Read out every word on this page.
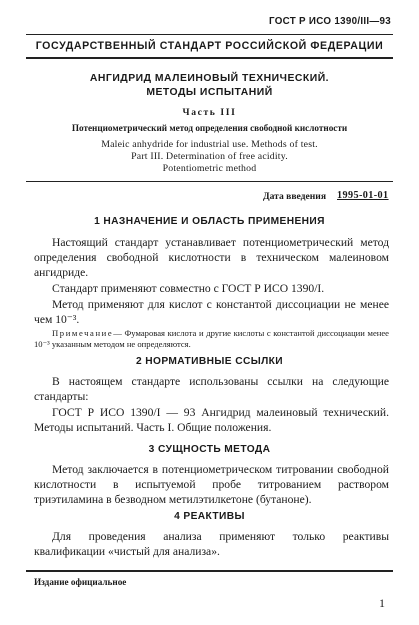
ГОСТ Р ИСО 1390/III—93
ГОСУДАРСТВЕННЫЙ СТАНДАРТ РОССИЙСКОЙ ФЕДЕРАЦИИ
АНГИДРИД МАЛЕИНОВЫЙ ТЕХНИЧЕСКИЙ.
МЕТОДЫ ИСПЫТАНИЙ
Часть III
Потенциометрический метод определения свободной кислотности
Maleic anhydride for industrial use. Methods of test.
Part III. Determination of free acidity.
Potentiometric method
Дата введения 1995-01-01
1 НАЗНАЧЕНИЕ И ОБЛАСТЬ ПРИМЕНЕНИЯ
Настоящий стандарт устанавливает потенциометрический метод определения свободной кислотности в техническом малеиновом ангидриде.
Стандарт применяют совместно с ГОСТ Р ИСО 1390/I.
Метод применяют для кислот с константой диссоциации не менее чем 10⁻³.
Примечание— Фумаровая кислота и другие кислоты с константой диссоциации менее 10⁻³ указанным методом не определяются.
2 НОРМАТИВНЫЕ ССЫЛКИ
В настоящем стандарте использованы ссылки на следующие стандарты:
ГОСТ Р ИСО 1390/I — 93 Ангидрид малеиновый технический. Методы испытаний. Часть I. Общие положения.
3 СУЩНОСТЬ МЕТОДА
Метод заключается в потенциометрическом титровании свободной кислотности в испытуемой пробе титрованием раствором триэтиламина в безводном метилэтилкетоне (бутаноне).
4 РЕАКТИВЫ
Для проведения анализа применяют только реактивы квалификации «чистый для анализа».
Издание официальное
1
